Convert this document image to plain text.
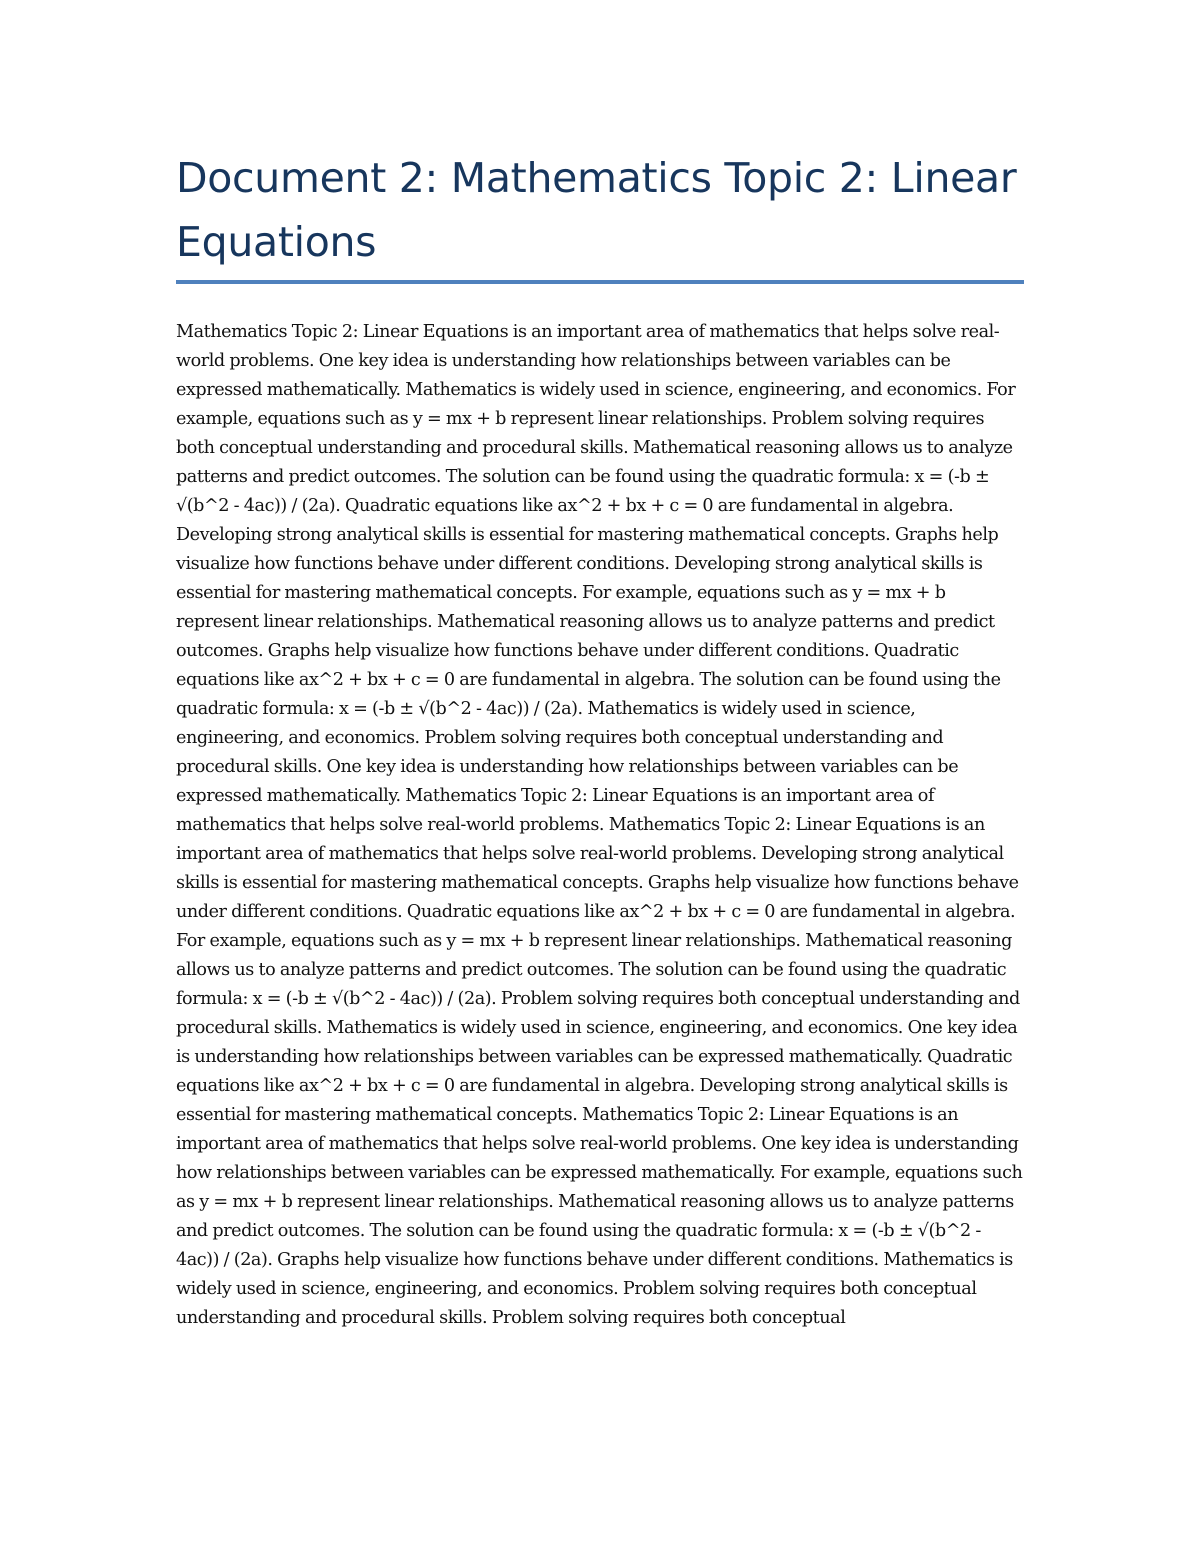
Document 2: Mathematics Topic 2: Linear Equations

Mathematics Topic 2: Linear Equations is an important area of mathematics that helps solve real-world problems. One key idea is understanding how relationships between variables can be expressed mathematically. Mathematics is widely used in science, engineering, and economics. For example, equations such as y = mx + b represent linear relationships. Problem solving requires both conceptual understanding and procedural skills. Mathematical reasoning allows us to analyze patterns and predict outcomes. The solution can be found using the quadratic formula: x = (-b ± √(b^2 - 4ac)) / (2a). Quadratic equations like ax^2 + bx + c = 0 are fundamental in algebra. Developing strong analytical skills is essential for mastering mathematical concepts. Graphs help visualize how functions behave under different conditions. Developing strong analytical skills is essential for mastering mathematical concepts. For example, equations such as y = mx + b represent linear relationships. Mathematical reasoning allows us to analyze patterns and predict outcomes. Graphs help visualize how functions behave under different conditions. Quadratic equations like ax^2 + bx + c = 0 are fundamental in algebra. The solution can be found using the quadratic formula: x = (-b ± √(b^2 - 4ac)) / (2a). Mathematics is widely used in science, engineering, and economics. Problem solving requires both conceptual understanding and procedural skills. One key idea is understanding how relationships between variables can be expressed mathematically. Mathematics Topic 2: Linear Equations is an important area of mathematics that helps solve real-world problems. Mathematics Topic 2: Linear Equations is an important area of mathematics that helps solve real-world problems. Developing strong analytical skills is essential for mastering mathematical concepts. Graphs help visualize how functions behave under different conditions. Quadratic equations like ax^2 + bx + c = 0 are fundamental in algebra. For example, equations such as y = mx + b represent linear relationships. Mathematical reasoning allows us to analyze patterns and predict outcomes. The solution can be found using the quadratic formula: x = (-b ± √(b^2 - 4ac)) / (2a). Problem solving requires both conceptual understanding and procedural skills. Mathematics is widely used in science, engineering, and economics. One key idea is understanding how relationships between variables can be expressed mathematically. Quadratic equations like ax^2 + bx + c = 0 are fundamental in algebra. Developing strong analytical skills is essential for mastering mathematical concepts. Mathematics Topic 2: Linear Equations is an important area of mathematics that helps solve real-world problems. One key idea is understanding how relationships between variables can be expressed mathematically. For example, equations such as y = mx + b represent linear relationships. Mathematical reasoning allows us to analyze patterns and predict outcomes. The solution can be found using the quadratic formula: x = (-b ± √(b^2 - 4ac)) / (2a). Graphs help visualize how functions behave under different conditions. Mathematics is widely used in science, engineering, and economics. Problem solving requires both conceptual understanding and procedural skills. Problem solving requires both conceptual
